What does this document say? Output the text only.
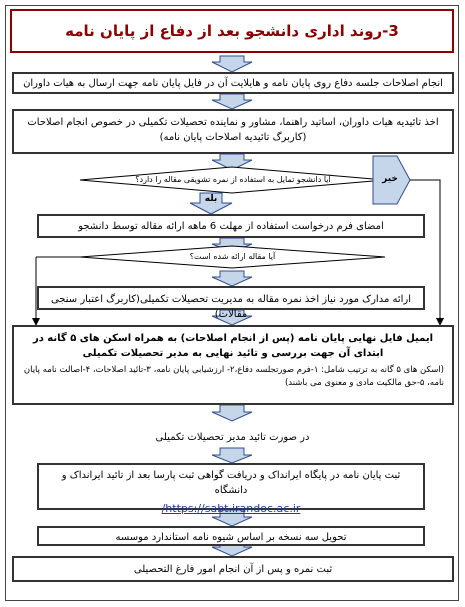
3-روند اداری دانشجو بعد از دفاع از پایان نامه
انجام اصلاحات جلسه دفاع روی پایان نامه و هایلایت آن در فایل پایان نامه جهت ارسال به هیات داوران
اخذ تائیدیه هیات داوران، اساتید راهنما، مشاور و نماینده تحصیلات تکمیلی در خصوص انجام اصلاحات (کاربرگ تائیدیه اصلاحات پایان نامه)
آیا دانشجو تمایل به استفاده از نمره تشویقی مقاله را دارد؟	خیر
بله
امضای فرم درخواست استفاده از مهلت 6 ماهه ارائه مقاله توسط دانشجو
آیا مقاله ارائه شده است؟
ارائه مدارک مورد نیاز اخذ نمره مقاله به مدیریت تحصیلات تکمیلی(کاربرگ اعتبار سنجی مقالات)
ایمیل فایل نهایی پایان نامه (پس از انجام اصلاحات) به همراه اسکن های ۵ گانه در ابتدای آن جهت بررسی و تائید نهایی به مدیر تحصیلات تکمیلی
(اسکن های ۵ گانه به ترتیب شامل: ۱-فرم صورتجلسه دفاع،۲- ارزشیابی پایان نامه، ۳-تائید اصلاحات، ۴-اصالت نامه پایان نامه، ۵-حق مالکیت مادی و معنوی می باشند)
در صورت تائید مدیر تحصیلات تکمیلی
ثبت پایان نامه در پایگاه ایرانداک و دریافت گواهی ثبت پارسا بعد از تائید ایرانداک و دانشگاه
/https://sabt.irandoc.ac.ir
تحویل سه نسخه بر اساس شیوه نامه استاندارد موسسه
ثبت نمره و پس از آن انجام امور فارغ التحصیلی
